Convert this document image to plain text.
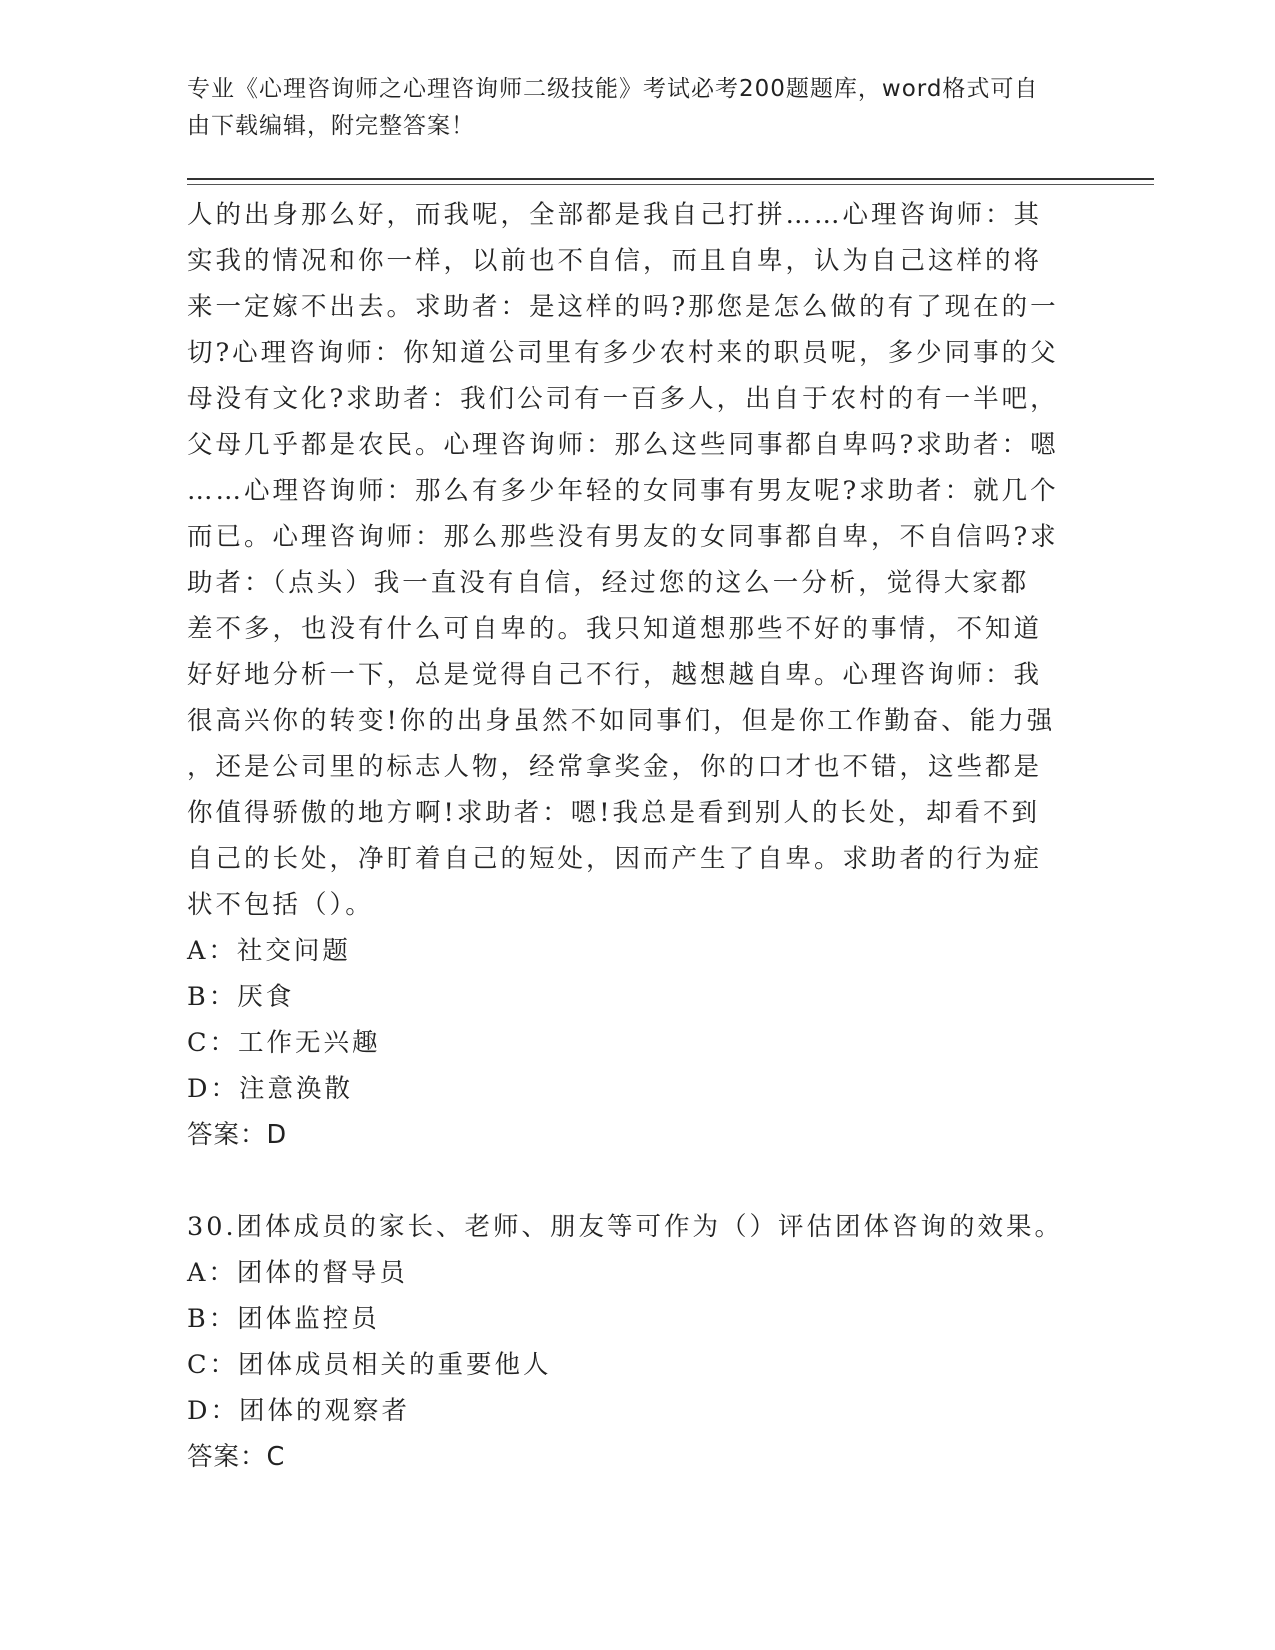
专业《心理咨询师之心理咨询师二级技能》考试必考200题题库，word格式可自
由下载编辑，附完整答案！
人的出身那么好，而我呢，全部都是我自己打拼……心理咨询师：其
实我的情况和你一样，以前也不自信，而且自卑，认为自己这样的将
来一定嫁不出去。求助者：是这样的吗?那您是怎么做的有了现在的一
切?心理咨询师：你知道公司里有多少农村来的职员呢，多少同事的父
母没有文化?求助者：我们公司有一百多人，出自于农村的有一半吧，
父母几乎都是农民。心理咨询师：那么这些同事都自卑吗?求助者：嗯
……心理咨询师：那么有多少年轻的女同事有男友呢?求助者：就几个
而已。心理咨询师：那么那些没有男友的女同事都自卑，不自信吗?求
助者：（点头）我一直没有自信，经过您的这么一分析，觉得大家都
差不多，也没有什么可自卑的。我只知道想那些不好的事情，不知道
好好地分析一下，总是觉得自己不行，越想越自卑。心理咨询师：我
很高兴你的转变!你的出身虽然不如同事们，但是你工作勤奋、能力强
，还是公司里的标志人物，经常拿奖金，你的口才也不错，这些都是
你值得骄傲的地方啊!求助者：嗯!我总是看到别人的长处，却看不到
自己的长处，净盯着自己的短处，因而产生了自卑。求助者的行为症
状不包括（）。
A：社交问题
B：厌食
C：工作无兴趣
D：注意涣散
答案：D
30.团体成员的家长、老师、朋友等可作为（）评估团体咨询的效果。
A：团体的督导员
B：团体监控员
C：团体成员相关的重要他人
D：团体的观察者
答案：C
